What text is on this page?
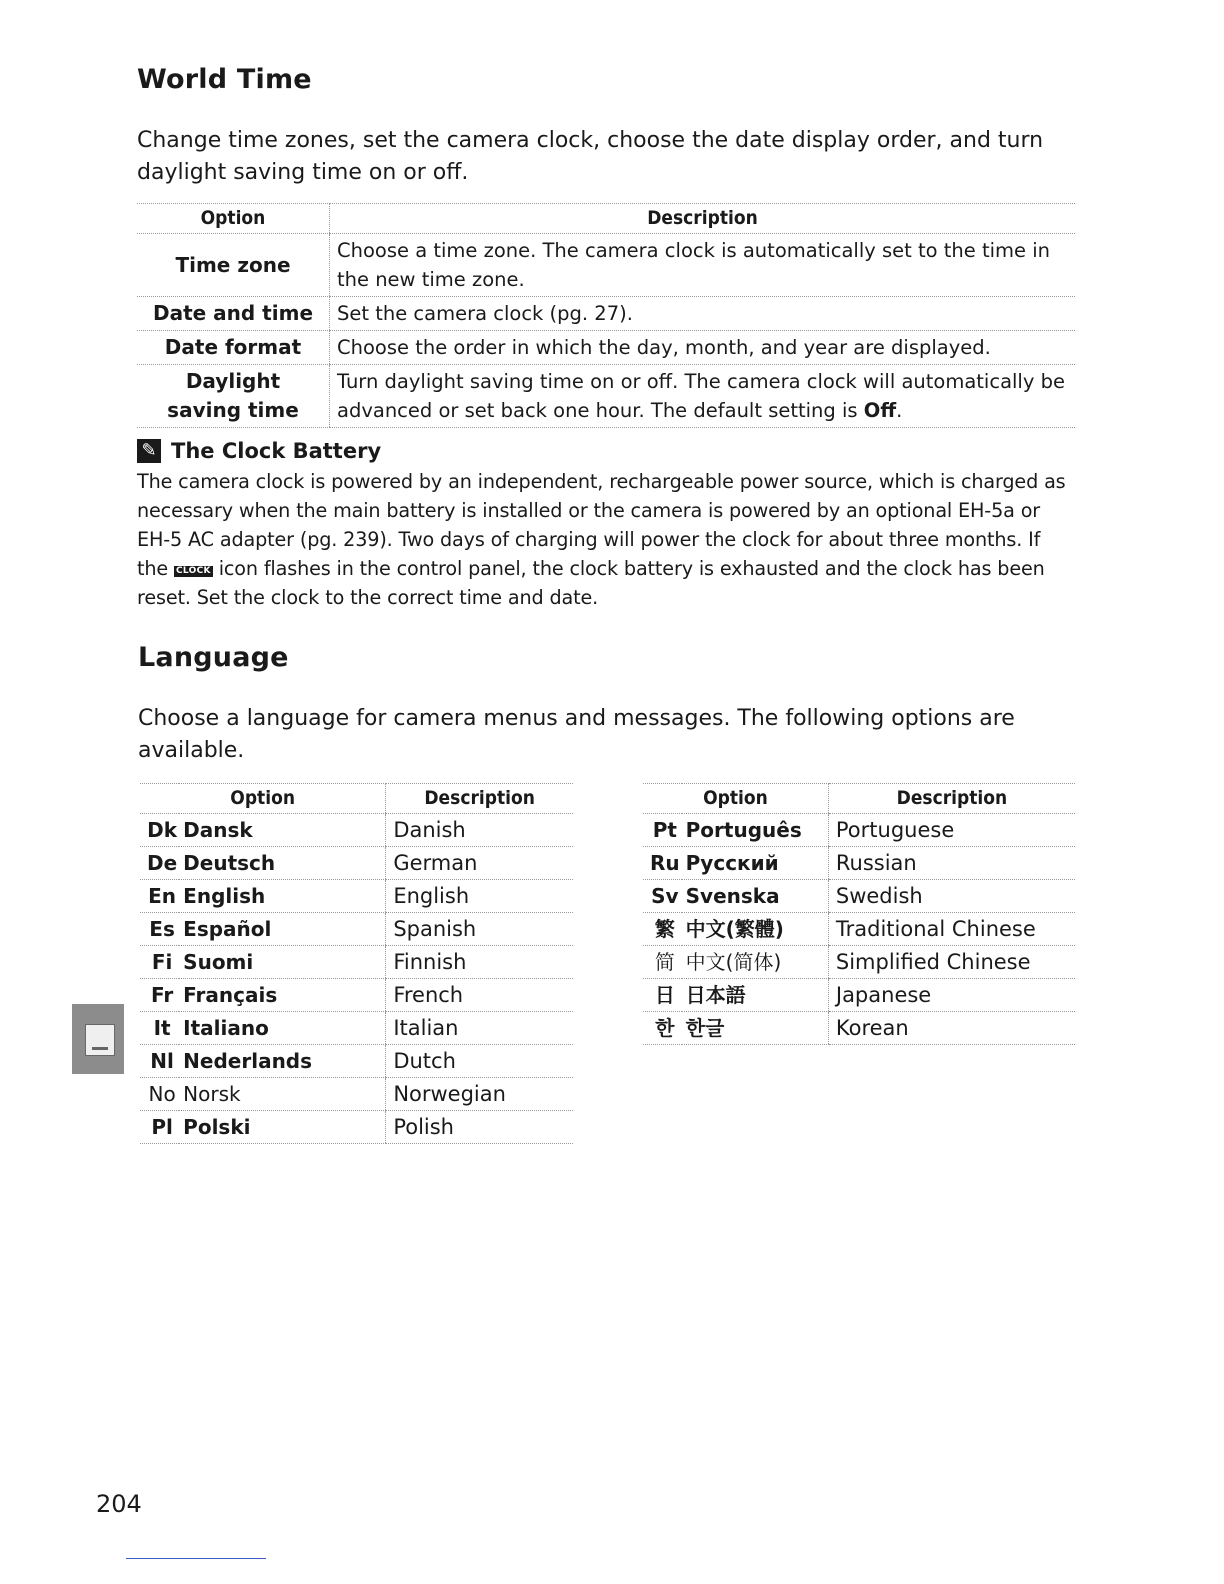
World Time

Change time zones, set the camera clock, choose the date display order, and turn daylight saving time on or off.

Option	Description
Time zone	Choose a time zone. The camera clock is automatically set to the time in the new time zone.
Date and time	Set the camera clock (pg. 27).
Date format	Choose the order in which the day, month, and year are displayed.
Daylight saving time	Turn daylight saving time on or off. The camera clock will automatically be advanced or set back one hour. The default setting is Off.
✎ The Clock Battery

The camera clock is powered by an independent, rechargeable power source, which is charged as necessary when the main battery is installed or the camera is powered by an optional EH-5a or EH-5 AC adapter (pg. 239). Two days of charging will power the clock for about three months. If the CLOCK icon flashes in the control panel, the clock battery is exhausted and the clock has been reset. Set the clock to the correct time and date.

Language

Choose a language for camera menus and messages. The following options are available.

Option		Description
Dk	Dansk	Danish
De	Deutsch	German
En	English	English
Es	Español	Spanish
Fi	Suomi	Finnish
Fr	Français	French
It	Italiano	Italian
Nl	Nederlands	Dutch
No	Norsk	Norwegian
Pl	Polski	Polish
Option		Description
Pt	Português	Portuguese
Ru	Русский	Russian
Sv	Svenska	Swedish
繁	中文(繁體)	Traditional Chinese
简	中文(简体)	Simplified Chinese
日	日本語	Japanese
한	한글	Korean
204
